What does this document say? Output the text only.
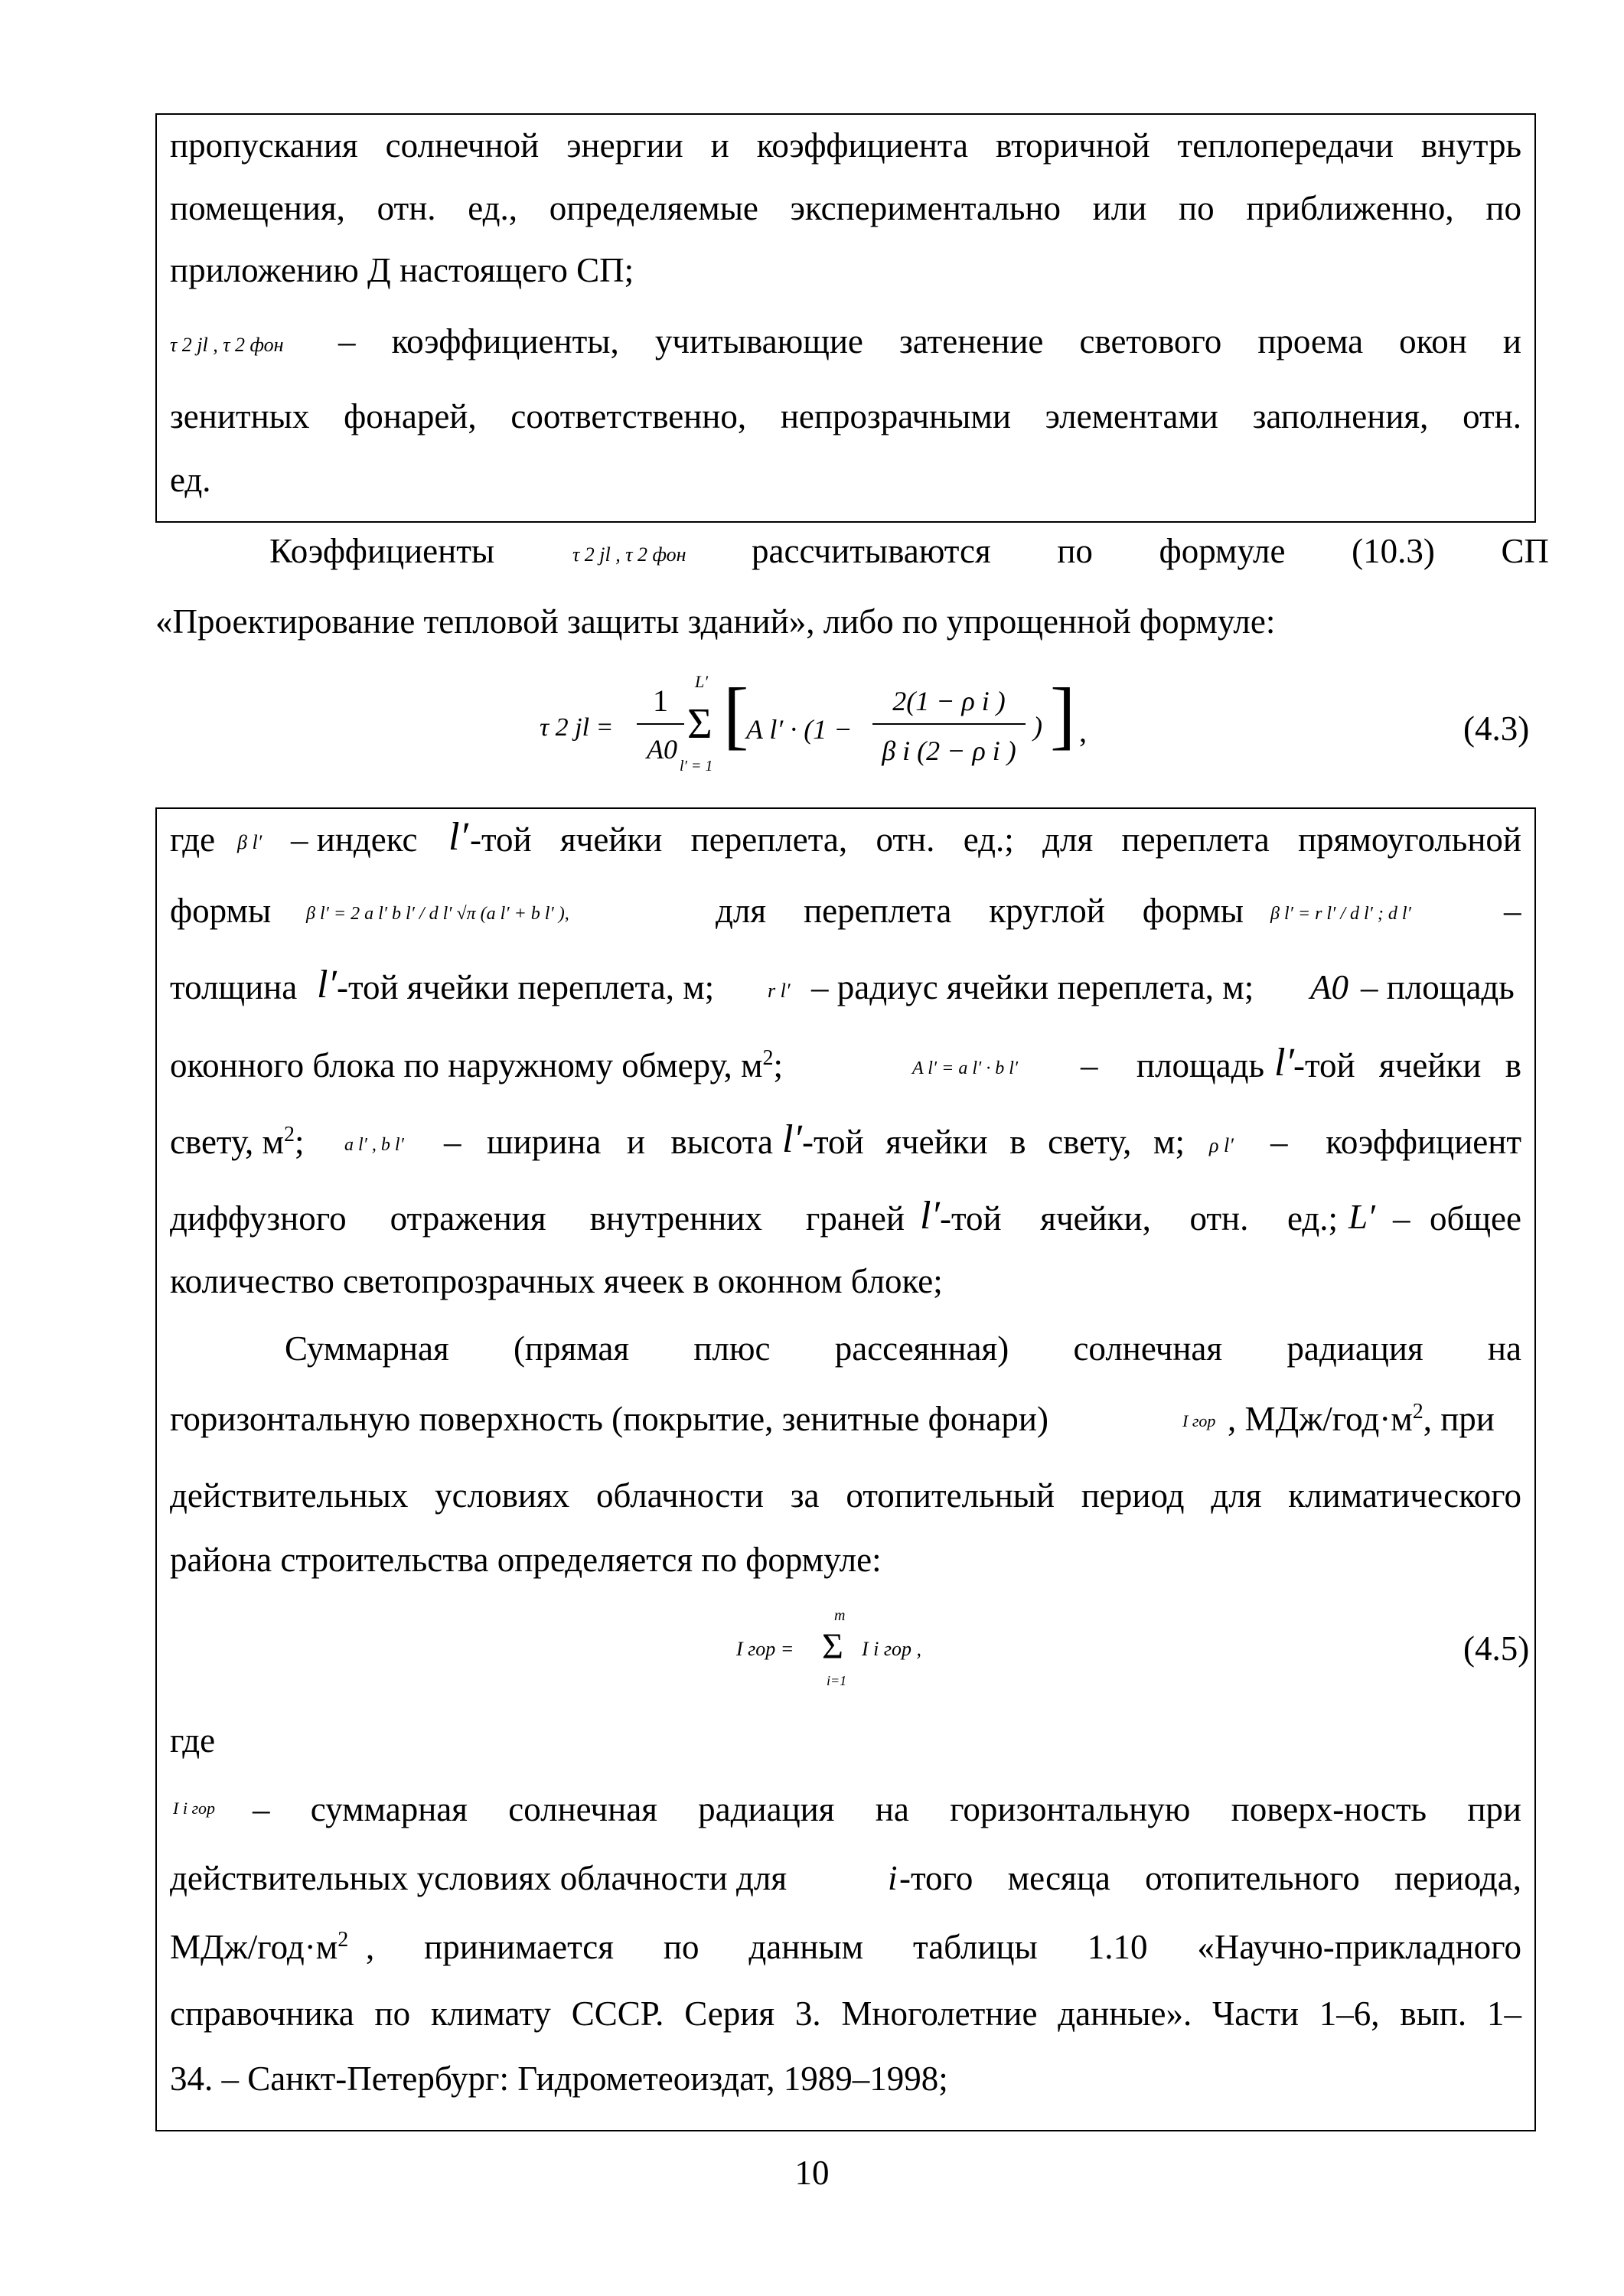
пропускания солнечной энергии и коэффициента вторичной теплопередачи внутрь
помещения, отн. ед., определяемые экспериментально или по приближенно, по
приложению Д настоящего СП;
τ 2 jl , τ 2 фон – коэффициенты, учитывающие затенение светового проема окон и
зенитных фонарей, соответственно, непрозрачными элементами заполнения, отн.
ед.
Коэффициенты	τ 2 jl , τ 2 фон рассчитываются по формуле (10.3) СП
«Проектирование тепловой защиты зданий», либо по упрощенной формуле:
τ 2 jl =
1
A0
L′
Σ
l′ = 1
[
A l′ · (1 −
2(1 − ρ i )
β i (2 − ρ i )
) ] ,	(4.3)
где β l′ – индекс l′ -той ячейки переплета, отн. ед.; для переплета прямоугольной
формы β l′ = 2 a l′ b l′ / d l′ √π (a l′ + b l′ ),	для переплета круглой формы β l′ = r l′ / d l′ ; d l′	–
толщина l′ -той ячейки переплета, м;	r l′ – радиус ячейки переплета, м; A0 – площадь
оконного блока по наружному обмеру, $м^2$;	A l′ = a l′ · b l′ – площадь l′ -той ячейки в
свету, $м^2$; a l′ , b l′ – ширина и высота l′ -той ячейки в свету, м; ρ l′ – коэффициент
диффузного отражения внутренних граней l′ -той ячейки, отн. ед.; L′ – общее
количество светопрозрачных ячеек в оконном блоке;
Суммарная (прямая плюс рассеянная) солнечная радиация на
горизонтальную поверхность (покрытие, зенитные фонари)	I гор , МДж/$год\cdot м^2$, при
действительных условиях облачности за отопительный период для климатического
района строительства определяется по формуле:
I гор =
m
Σ
i=1
I i гор ,	(4.5)
где
I i гор – суммарная солнечная радиация на горизонтальную поверх-ность при
действительных условиях облачности для	i -того месяца отопительного периода,
МДж/$год\cdot м^2$ , принимается по данным таблицы 1.10 «Научно-прикладного
справочника по климату СССР. Серия 3. Многолетние данные». Части 1–6, вып. 1–
34. – Санкт-Петербург: Гидрометеоиздат, 1989–1998;
10
